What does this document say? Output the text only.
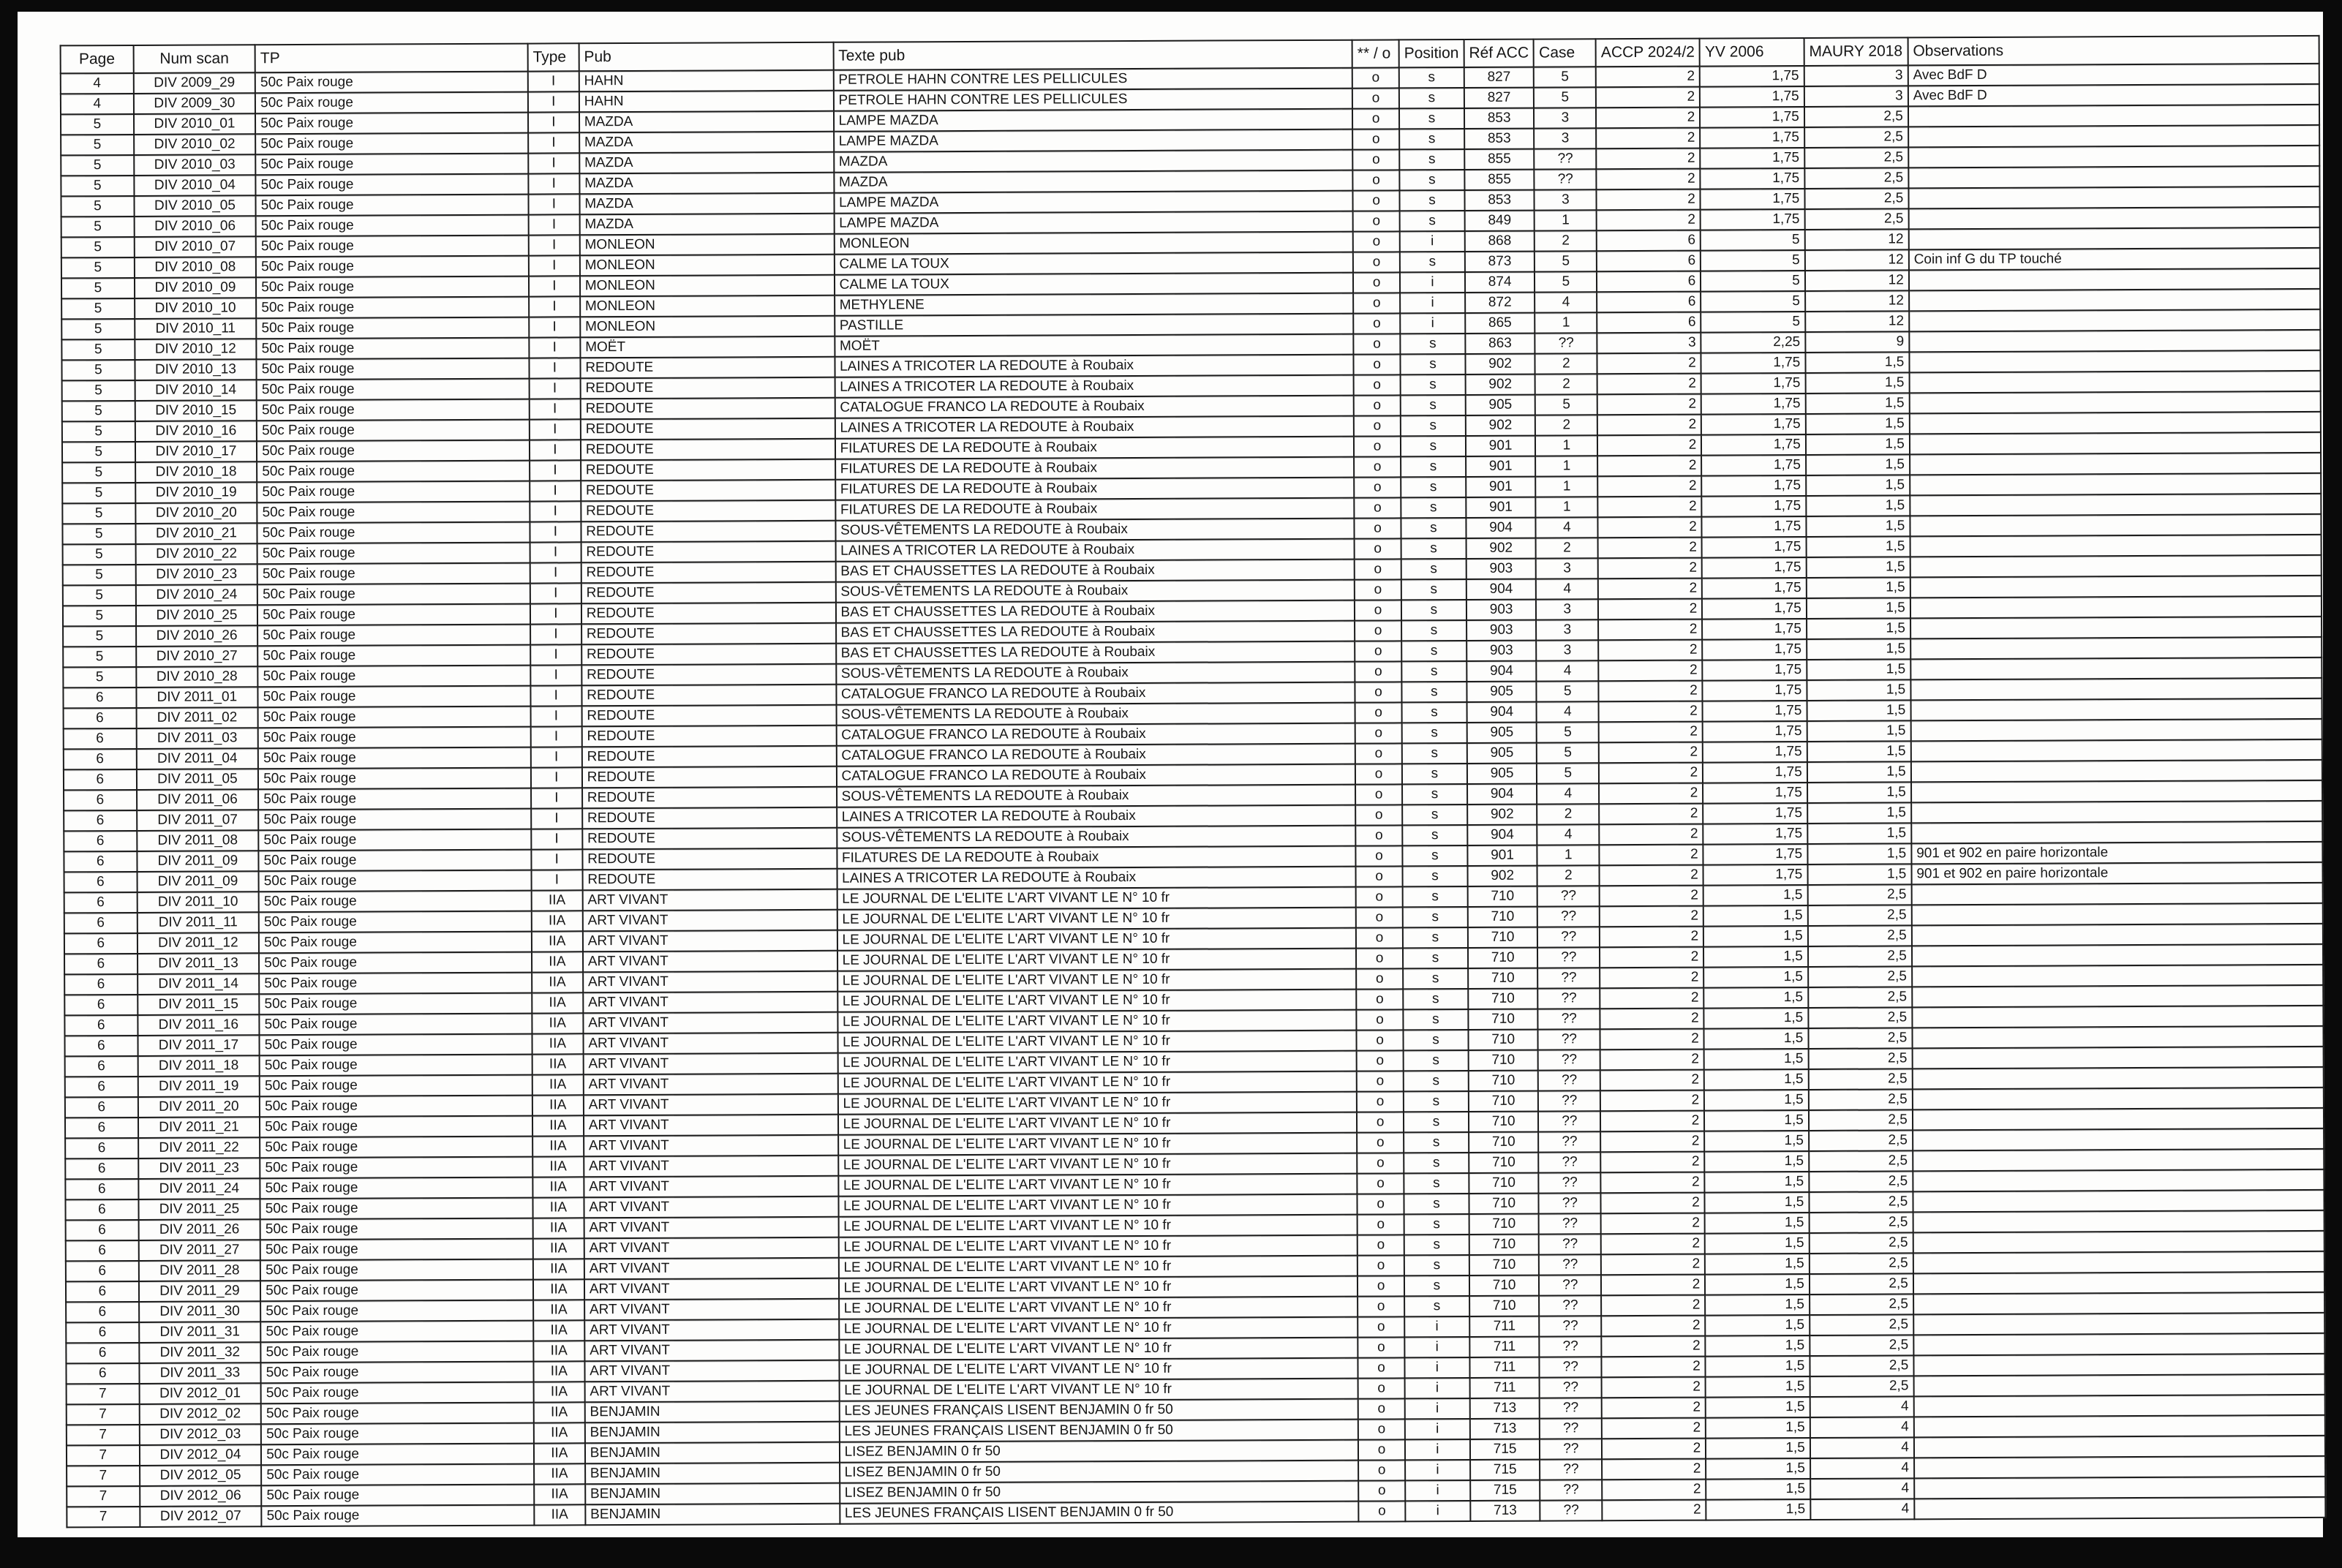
Page	Num scan	TP	Type	Pub	Texte pub	** / o	Position	Réf ACC	Case	ACCP 2024/2	YV 2006	MAURY 2018	Observations
4	DIV 2009_29	50c Paix rouge	I	HAHN	PETROLE HAHN CONTRE LES PELLICULES	o	s	827	5	2	1,75	3	Avec BdF D
4	DIV 2009_30	50c Paix rouge	I	HAHN	PETROLE HAHN CONTRE LES PELLICULES	o	s	827	5	2	1,75	3	Avec BdF D
5	DIV 2010_01	50c Paix rouge	I	MAZDA	LAMPE MAZDA	o	s	853	3	2	1,75	2,5	
5	DIV 2010_02	50c Paix rouge	I	MAZDA	LAMPE MAZDA	o	s	853	3	2	1,75	2,5	
5	DIV 2010_03	50c Paix rouge	I	MAZDA	MAZDA	o	s	855	??	2	1,75	2,5	
5	DIV 2010_04	50c Paix rouge	I	MAZDA	MAZDA	o	s	855	??	2	1,75	2,5	
5	DIV 2010_05	50c Paix rouge	I	MAZDA	LAMPE MAZDA	o	s	853	3	2	1,75	2,5	
5	DIV 2010_06	50c Paix rouge	I	MAZDA	LAMPE MAZDA	o	s	849	1	2	1,75	2,5	
5	DIV 2010_07	50c Paix rouge	I	MONLEON	MONLEON	o	i	868	2	6	5	12	
5	DIV 2010_08	50c Paix rouge	I	MONLEON	CALME LA TOUX	o	s	873	5	6	5	12	Coin inf G du TP touché
5	DIV 2010_09	50c Paix rouge	I	MONLEON	CALME LA TOUX	o	i	874	5	6	5	12	
5	DIV 2010_10	50c Paix rouge	I	MONLEON	METHYLENE	o	i	872	4	6	5	12	
5	DIV 2010_11	50c Paix rouge	I	MONLEON	PASTILLE	o	i	865	1	6	5	12	
5	DIV 2010_12	50c Paix rouge	I	MOËT	MOËT	o	s	863	??	3	2,25	9	
5	DIV 2010_13	50c Paix rouge	I	REDOUTE	LAINES A TRICOTER LA REDOUTE à Roubaix	o	s	902	2	2	1,75	1,5	
5	DIV 2010_14	50c Paix rouge	I	REDOUTE	LAINES A TRICOTER LA REDOUTE à Roubaix	o	s	902	2	2	1,75	1,5	
5	DIV 2010_15	50c Paix rouge	I	REDOUTE	CATALOGUE FRANCO LA REDOUTE à Roubaix	o	s	905	5	2	1,75	1,5	
5	DIV 2010_16	50c Paix rouge	I	REDOUTE	LAINES A TRICOTER LA REDOUTE à Roubaix	o	s	902	2	2	1,75	1,5	
5	DIV 2010_17	50c Paix rouge	I	REDOUTE	FILATURES DE LA REDOUTE à Roubaix	o	s	901	1	2	1,75	1,5	
5	DIV 2010_18	50c Paix rouge	I	REDOUTE	FILATURES DE LA REDOUTE à Roubaix	o	s	901	1	2	1,75	1,5	
5	DIV 2010_19	50c Paix rouge	I	REDOUTE	FILATURES DE LA REDOUTE à Roubaix	o	s	901	1	2	1,75	1,5	
5	DIV 2010_20	50c Paix rouge	I	REDOUTE	FILATURES DE LA REDOUTE à Roubaix	o	s	901	1	2	1,75	1,5	
5	DIV 2010_21	50c Paix rouge	I	REDOUTE	SOUS-VÊTEMENTS LA REDOUTE à Roubaix	o	s	904	4	2	1,75	1,5	
5	DIV 2010_22	50c Paix rouge	I	REDOUTE	LAINES A TRICOTER LA REDOUTE à Roubaix	o	s	902	2	2	1,75	1,5	
5	DIV 2010_23	50c Paix rouge	I	REDOUTE	BAS ET CHAUSSETTES LA REDOUTE à Roubaix	o	s	903	3	2	1,75	1,5	
5	DIV 2010_24	50c Paix rouge	I	REDOUTE	SOUS-VÊTEMENTS LA REDOUTE à Roubaix	o	s	904	4	2	1,75	1,5	
5	DIV 2010_25	50c Paix rouge	I	REDOUTE	BAS ET CHAUSSETTES LA REDOUTE à Roubaix	o	s	903	3	2	1,75	1,5	
5	DIV 2010_26	50c Paix rouge	I	REDOUTE	BAS ET CHAUSSETTES LA REDOUTE à Roubaix	o	s	903	3	2	1,75	1,5	
5	DIV 2010_27	50c Paix rouge	I	REDOUTE	BAS ET CHAUSSETTES LA REDOUTE à Roubaix	o	s	903	3	2	1,75	1,5	
5	DIV 2010_28	50c Paix rouge	I	REDOUTE	SOUS-VÊTEMENTS LA REDOUTE à Roubaix	o	s	904	4	2	1,75	1,5	
6	DIV 2011_01	50c Paix rouge	I	REDOUTE	CATALOGUE FRANCO LA REDOUTE à Roubaix	o	s	905	5	2	1,75	1,5	
6	DIV 2011_02	50c Paix rouge	I	REDOUTE	SOUS-VÊTEMENTS LA REDOUTE à Roubaix	o	s	904	4	2	1,75	1,5	
6	DIV 2011_03	50c Paix rouge	I	REDOUTE	CATALOGUE FRANCO LA REDOUTE à Roubaix	o	s	905	5	2	1,75	1,5	
6	DIV 2011_04	50c Paix rouge	I	REDOUTE	CATALOGUE FRANCO LA REDOUTE à Roubaix	o	s	905	5	2	1,75	1,5	
6	DIV 2011_05	50c Paix rouge	I	REDOUTE	CATALOGUE FRANCO LA REDOUTE à Roubaix	o	s	905	5	2	1,75	1,5	
6	DIV 2011_06	50c Paix rouge	I	REDOUTE	SOUS-VÊTEMENTS LA REDOUTE à Roubaix	o	s	904	4	2	1,75	1,5	
6	DIV 2011_07	50c Paix rouge	I	REDOUTE	LAINES A TRICOTER LA REDOUTE à Roubaix	o	s	902	2	2	1,75	1,5	
6	DIV 2011_08	50c Paix rouge	I	REDOUTE	SOUS-VÊTEMENTS LA REDOUTE à Roubaix	o	s	904	4	2	1,75	1,5	
6	DIV 2011_09	50c Paix rouge	I	REDOUTE	FILATURES DE LA REDOUTE à Roubaix	o	s	901	1	2	1,75	1,5	901 et 902 en paire horizontale
6	DIV 2011_09	50c Paix rouge	I	REDOUTE	LAINES A TRICOTER LA REDOUTE à Roubaix	o	s	902	2	2	1,75	1,5	901 et 902 en paire horizontale
6	DIV 2011_10	50c Paix rouge	IIA	ART VIVANT	LE JOURNAL DE L'ELITE L'ART VIVANT LE N° 10 fr	o	s	710	??	2	1,5	2,5	
6	DIV 2011_11	50c Paix rouge	IIA	ART VIVANT	LE JOURNAL DE L'ELITE L'ART VIVANT LE N° 10 fr	o	s	710	??	2	1,5	2,5	
6	DIV 2011_12	50c Paix rouge	IIA	ART VIVANT	LE JOURNAL DE L'ELITE L'ART VIVANT LE N° 10 fr	o	s	710	??	2	1,5	2,5	
6	DIV 2011_13	50c Paix rouge	IIA	ART VIVANT	LE JOURNAL DE L'ELITE L'ART VIVANT LE N° 10 fr	o	s	710	??	2	1,5	2,5	
6	DIV 2011_14	50c Paix rouge	IIA	ART VIVANT	LE JOURNAL DE L'ELITE L'ART VIVANT LE N° 10 fr	o	s	710	??	2	1,5	2,5	
6	DIV 2011_15	50c Paix rouge	IIA	ART VIVANT	LE JOURNAL DE L'ELITE L'ART VIVANT LE N° 10 fr	o	s	710	??	2	1,5	2,5	
6	DIV 2011_16	50c Paix rouge	IIA	ART VIVANT	LE JOURNAL DE L'ELITE L'ART VIVANT LE N° 10 fr	o	s	710	??	2	1,5	2,5	
6	DIV 2011_17	50c Paix rouge	IIA	ART VIVANT	LE JOURNAL DE L'ELITE L'ART VIVANT LE N° 10 fr	o	s	710	??	2	1,5	2,5	
6	DIV 2011_18	50c Paix rouge	IIA	ART VIVANT	LE JOURNAL DE L'ELITE L'ART VIVANT LE N° 10 fr	o	s	710	??	2	1,5	2,5	
6	DIV 2011_19	50c Paix rouge	IIA	ART VIVANT	LE JOURNAL DE L'ELITE L'ART VIVANT LE N° 10 fr	o	s	710	??	2	1,5	2,5	
6	DIV 2011_20	50c Paix rouge	IIA	ART VIVANT	LE JOURNAL DE L'ELITE L'ART VIVANT LE N° 10 fr	o	s	710	??	2	1,5	2,5	
6	DIV 2011_21	50c Paix rouge	IIA	ART VIVANT	LE JOURNAL DE L'ELITE L'ART VIVANT LE N° 10 fr	o	s	710	??	2	1,5	2,5	
6	DIV 2011_22	50c Paix rouge	IIA	ART VIVANT	LE JOURNAL DE L'ELITE L'ART VIVANT LE N° 10 fr	o	s	710	??	2	1,5	2,5	
6	DIV 2011_23	50c Paix rouge	IIA	ART VIVANT	LE JOURNAL DE L'ELITE L'ART VIVANT LE N° 10 fr	o	s	710	??	2	1,5	2,5	
6	DIV 2011_24	50c Paix rouge	IIA	ART VIVANT	LE JOURNAL DE L'ELITE L'ART VIVANT LE N° 10 fr	o	s	710	??	2	1,5	2,5	
6	DIV 2011_25	50c Paix rouge	IIA	ART VIVANT	LE JOURNAL DE L'ELITE L'ART VIVANT LE N° 10 fr	o	s	710	??	2	1,5	2,5	
6	DIV 2011_26	50c Paix rouge	IIA	ART VIVANT	LE JOURNAL DE L'ELITE L'ART VIVANT LE N° 10 fr	o	s	710	??	2	1,5	2,5	
6	DIV 2011_27	50c Paix rouge	IIA	ART VIVANT	LE JOURNAL DE L'ELITE L'ART VIVANT LE N° 10 fr	o	s	710	??	2	1,5	2,5	
6	DIV 2011_28	50c Paix rouge	IIA	ART VIVANT	LE JOURNAL DE L'ELITE L'ART VIVANT LE N° 10 fr	o	s	710	??	2	1,5	2,5	
6	DIV 2011_29	50c Paix rouge	IIA	ART VIVANT	LE JOURNAL DE L'ELITE L'ART VIVANT LE N° 10 fr	o	s	710	??	2	1,5	2,5	
6	DIV 2011_30	50c Paix rouge	IIA	ART VIVANT	LE JOURNAL DE L'ELITE L'ART VIVANT LE N° 10 fr	o	s	710	??	2	1,5	2,5	
6	DIV 2011_31	50c Paix rouge	IIA	ART VIVANT	LE JOURNAL DE L'ELITE L'ART VIVANT LE N° 10 fr	o	i	711	??	2	1,5	2,5	
6	DIV 2011_32	50c Paix rouge	IIA	ART VIVANT	LE JOURNAL DE L'ELITE L'ART VIVANT LE N° 10 fr	o	i	711	??	2	1,5	2,5	
6	DIV 2011_33	50c Paix rouge	IIA	ART VIVANT	LE JOURNAL DE L'ELITE L'ART VIVANT LE N° 10 fr	o	i	711	??	2	1,5	2,5	
7	DIV 2012_01	50c Paix rouge	IIA	ART VIVANT	LE JOURNAL DE L'ELITE L'ART VIVANT LE N° 10 fr	o	i	711	??	2	1,5	2,5	
7	DIV 2012_02	50c Paix rouge	IIA	BENJAMIN	LES JEUNES FRANÇAIS LISENT BENJAMIN 0 fr 50	o	i	713	??	2	1,5	4	
7	DIV 2012_03	50c Paix rouge	IIA	BENJAMIN	LES JEUNES FRANÇAIS LISENT BENJAMIN 0 fr 50	o	i	713	??	2	1,5	4	
7	DIV 2012_04	50c Paix rouge	IIA	BENJAMIN	LISEZ BENJAMIN 0 fr 50	o	i	715	??	2	1,5	4	
7	DIV 2012_05	50c Paix rouge	IIA	BENJAMIN	LISEZ BENJAMIN 0 fr 50	o	i	715	??	2	1,5	4	
7	DIV 2012_06	50c Paix rouge	IIA	BENJAMIN	LISEZ BENJAMIN 0 fr 50	o	i	715	??	2	1,5	4	
7	DIV 2012_07	50c Paix rouge	IIA	BENJAMIN	LES JEUNES FRANÇAIS LISENT BENJAMIN 0 fr 50	o	i	713	??	2	1,5	4	
